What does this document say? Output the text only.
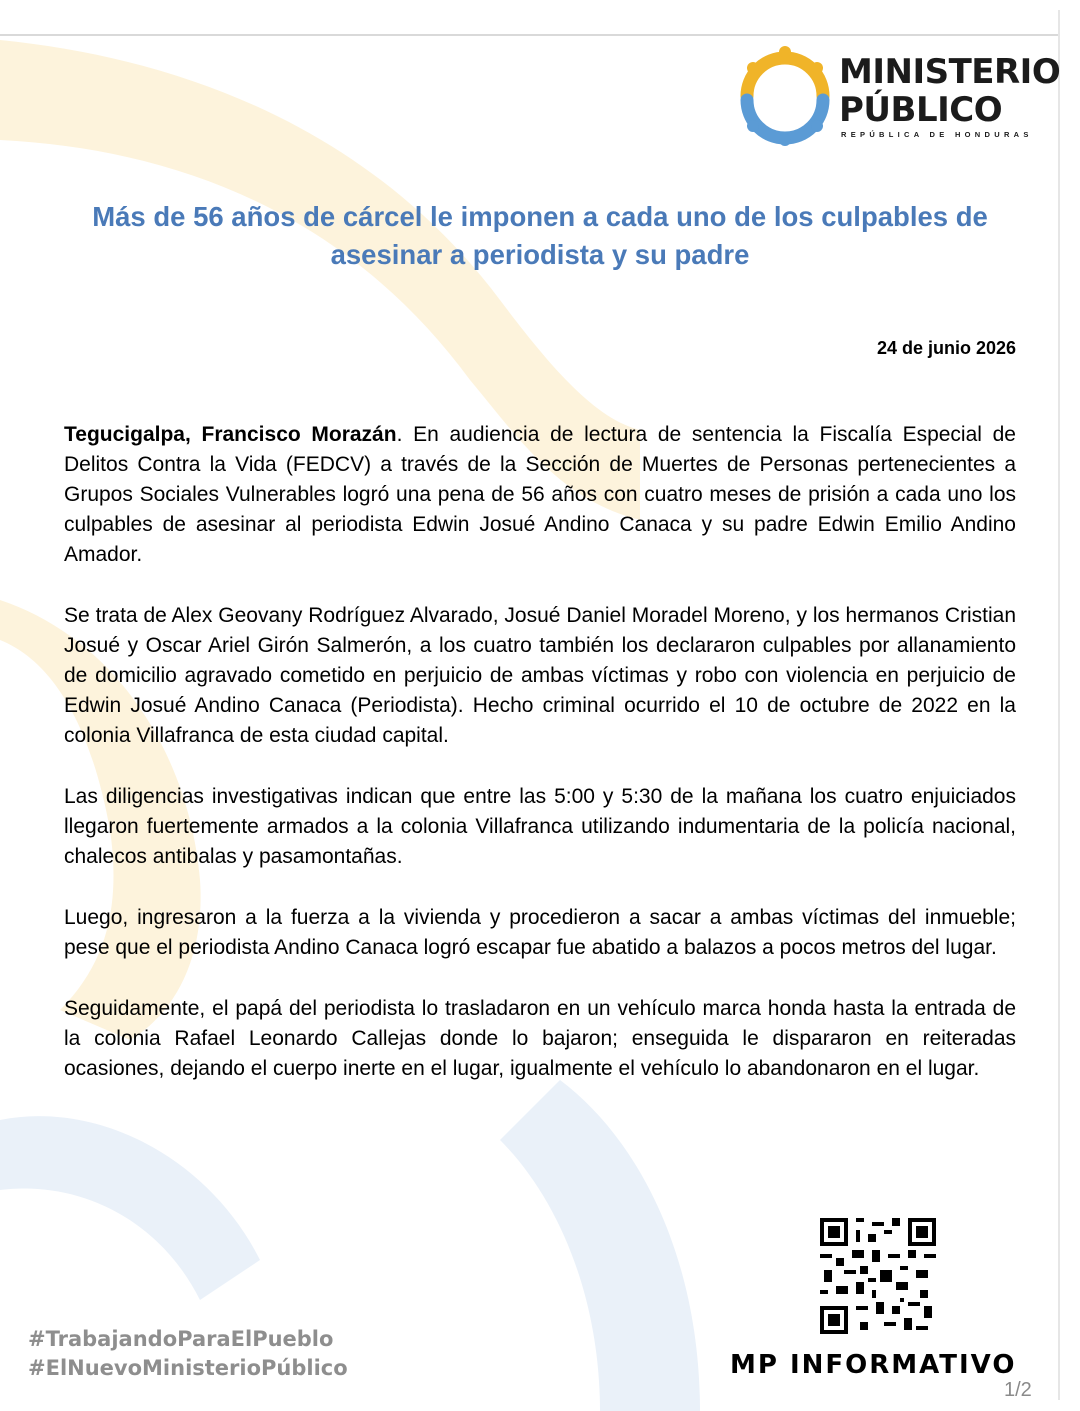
MINISTERIO
PÚBLICO
REPÚBLICA DE HONDURAS
Más de 56 años de cárcel le imponen a cada uno de los culpables de
asesinar a periodista y su padre
24 de junio 2026

Tegucigalpa, Francisco Morazán. En audiencia de lectura de sentencia la Fiscalía Especial de Delitos Contra la Vida (FEDCV) a través de la Sección de Muertes de Personas pertenecientes a Grupos Sociales Vulnerables logró una pena de 56 años con cuatro meses de prisión a cada uno los culpables de asesinar al periodista Edwin Josué Andino Canaca y su padre Edwin Emilio Andino Amador.

Se trata de Alex Geovany Rodríguez Alvarado, Josué Daniel Moradel Moreno, y los hermanos Cristian Josué y Oscar Ariel Girón Salmerón, a los cuatro también los declararon culpables por allanamiento de domicilio agravado cometido en perjuicio de ambas víctimas y robo con violencia en perjuicio de Edwin Josué Andino Canaca (Periodista). Hecho criminal ocurrido el 10 de octubre de 2022 en la colonia Villafranca de esta ciudad capital.

Las diligencias investigativas indican que entre las 5:00 y 5:30 de la mañana los cuatro enjuiciados llegaron fuertemente armados a la colonia Villafranca utilizando indumentaria de la policía nacional, chalecos antibalas y pasamontañas.

Luego, ingresaron a la fuerza a la vivienda y procedieron a sacar a ambas víctimas del inmueble; pese que el periodista Andino Canaca logró escapar fue abatido a balazos a pocos metros del lugar.

Seguidamente, el papá del periodista lo trasladaron en un vehículo marca honda hasta la entrada de la colonia Rafael Leonardo Callejas donde lo bajaron; enseguida le dispararon en reiteradas ocasiones, dejando el cuerpo inerte en el lugar, igualmente el vehículo lo abandonaron en el lugar.

MP INFORMATIVO
1/2
#TrabajandoParaElPueblo
#ElNuevoMinisterioPúblico
